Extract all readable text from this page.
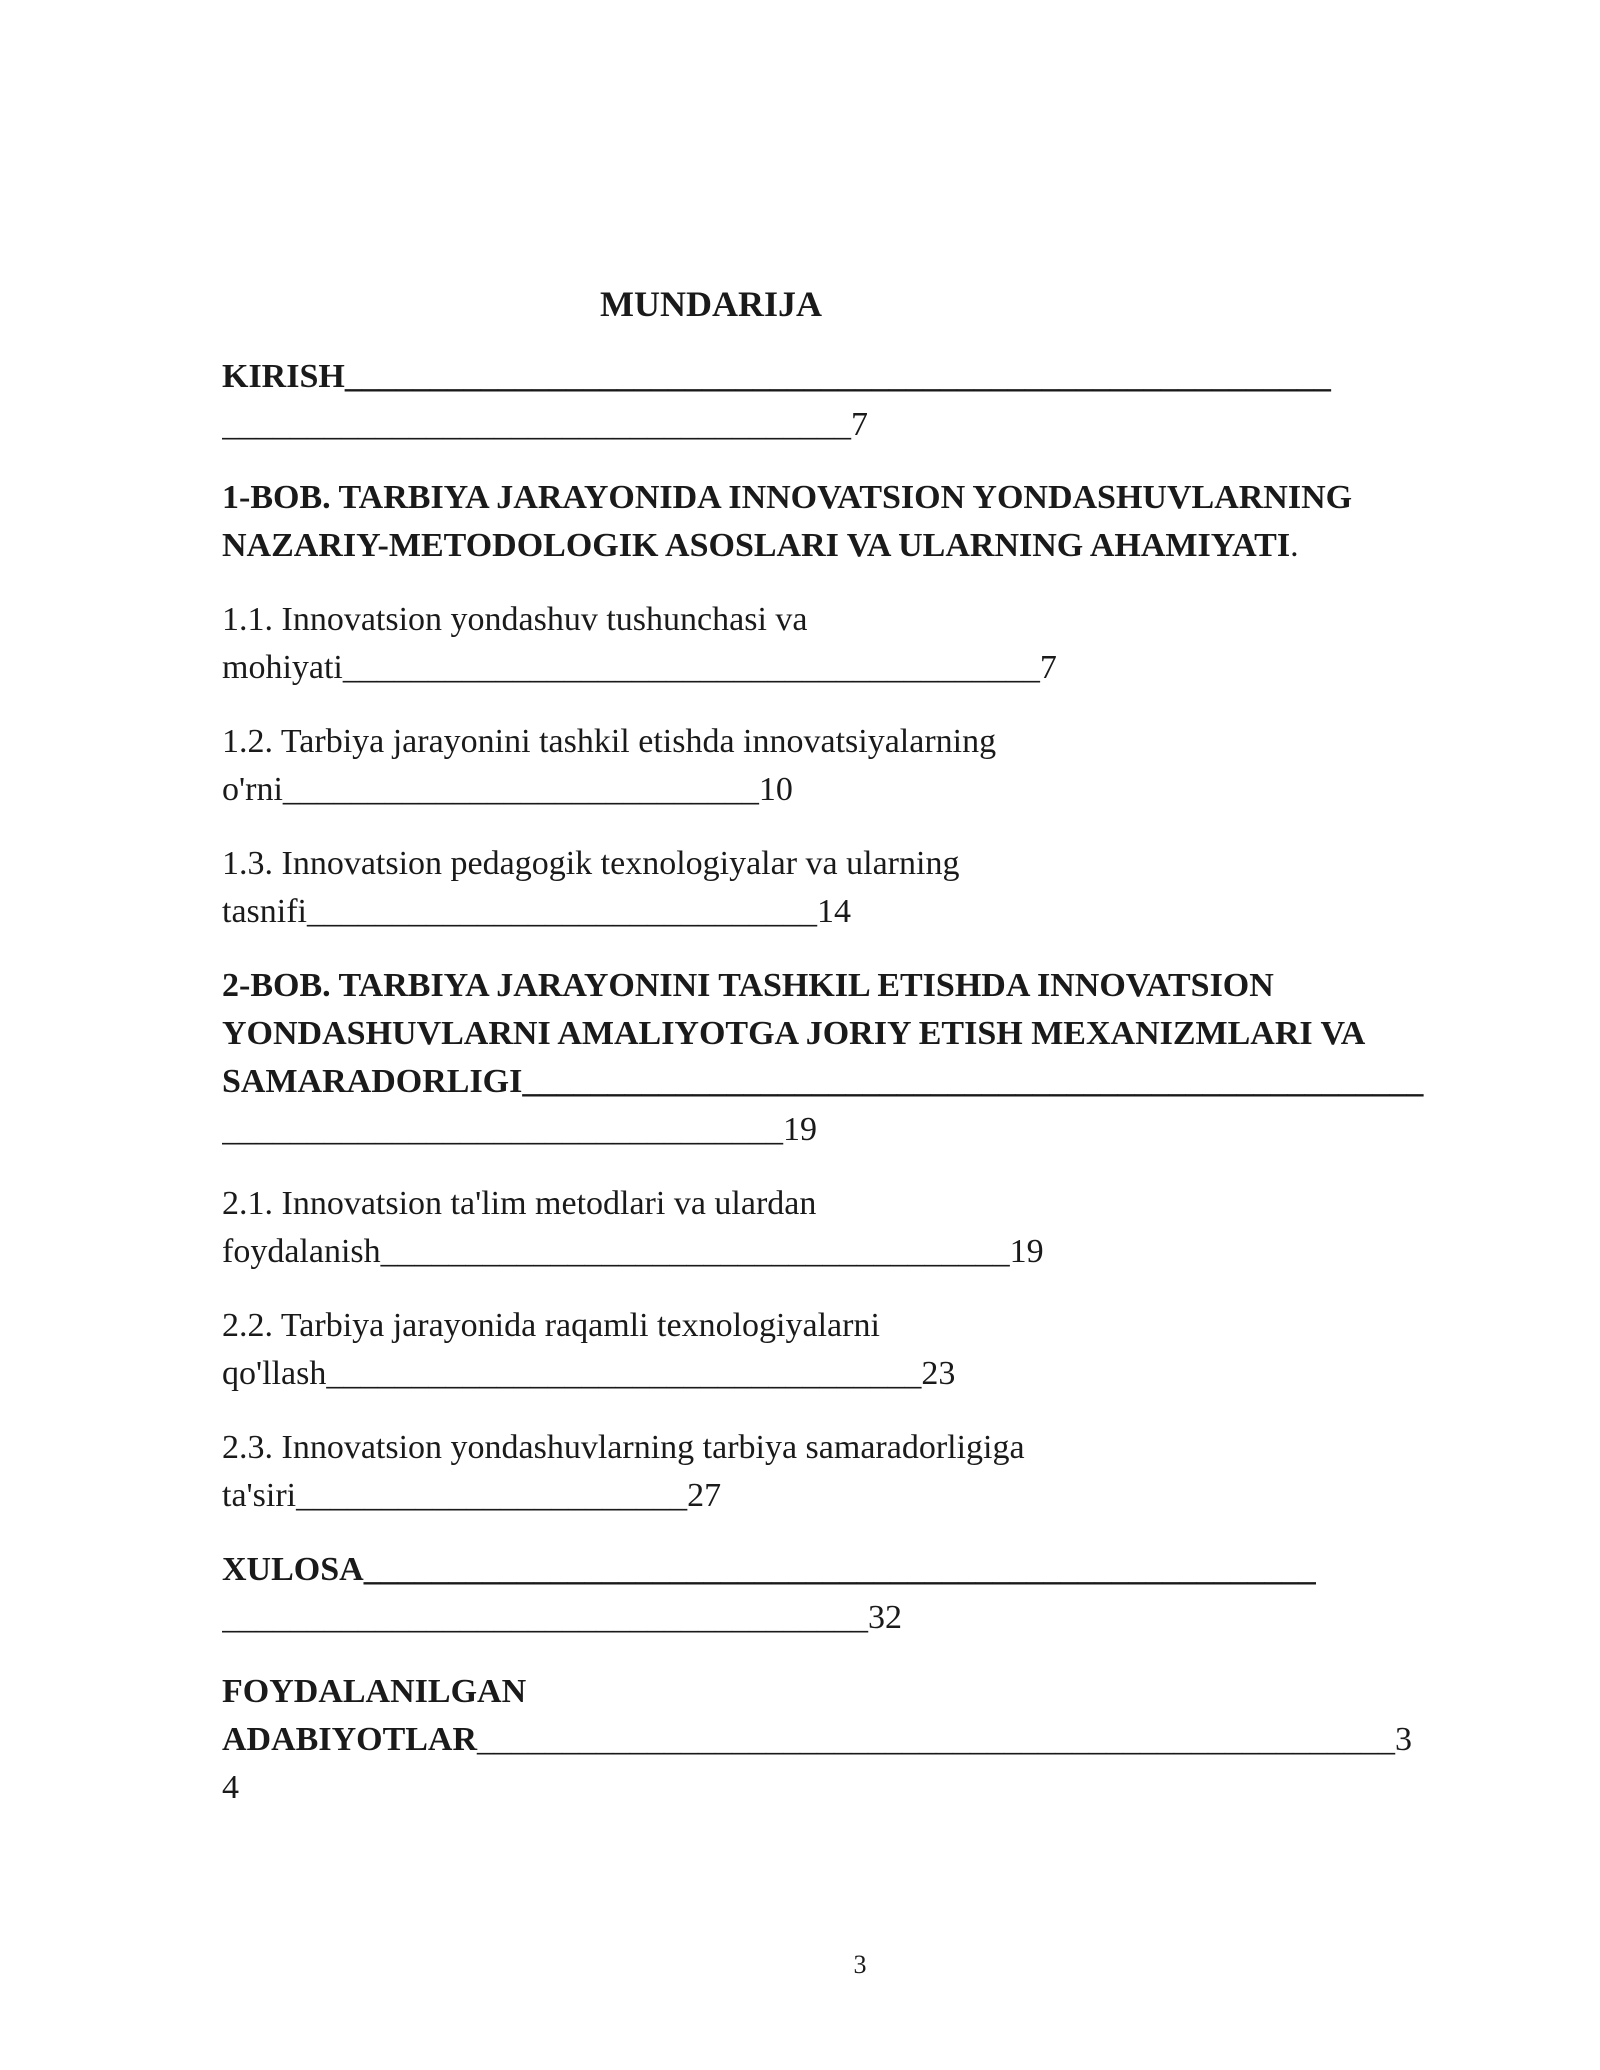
MUNDARIJA
KIRISH__________________________________________________________
_____________________________________7
1-BOB. TARBIYA JARAYONIDA INNOVATSION YONDASHUVLARNING
NAZARIY-METODOLOGIK ASOSLARI VA ULARNING AHAMIYATI.
1.1. Innovatsion yondashuv tushunchasi va
mohiyati_________________________________________7
1.2. Tarbiya jarayonini tashkil etishda innovatsiyalarning
o'rni____________________________10
1.3. Innovatsion pedagogik texnologiyalar va ularning
tasnifi______________________________14
2-BOB. TARBIYA JARAYONINI TASHKIL ETISHDA INNOVATSION
YONDASHUVLARNI AMALIYOTGA JORIY ETISH MEXANIZMLARI VA
SAMARADORLIGI_____________________________________________________
_________________________________19
2.1. Innovatsion ta'lim metodlari va ulardan
foydalanish_____________________________________19
2.2. Tarbiya jarayonida raqamli texnologiyalarni
qo'llash___________________________________23
2.3. Innovatsion yondashuvlarning tarbiya samaradorligiga
ta'siri_______________________27
XULOSA________________________________________________________
______________________________________32
FOYDALANILGAN
ADABIYOTLAR______________________________________________________3
4
3
